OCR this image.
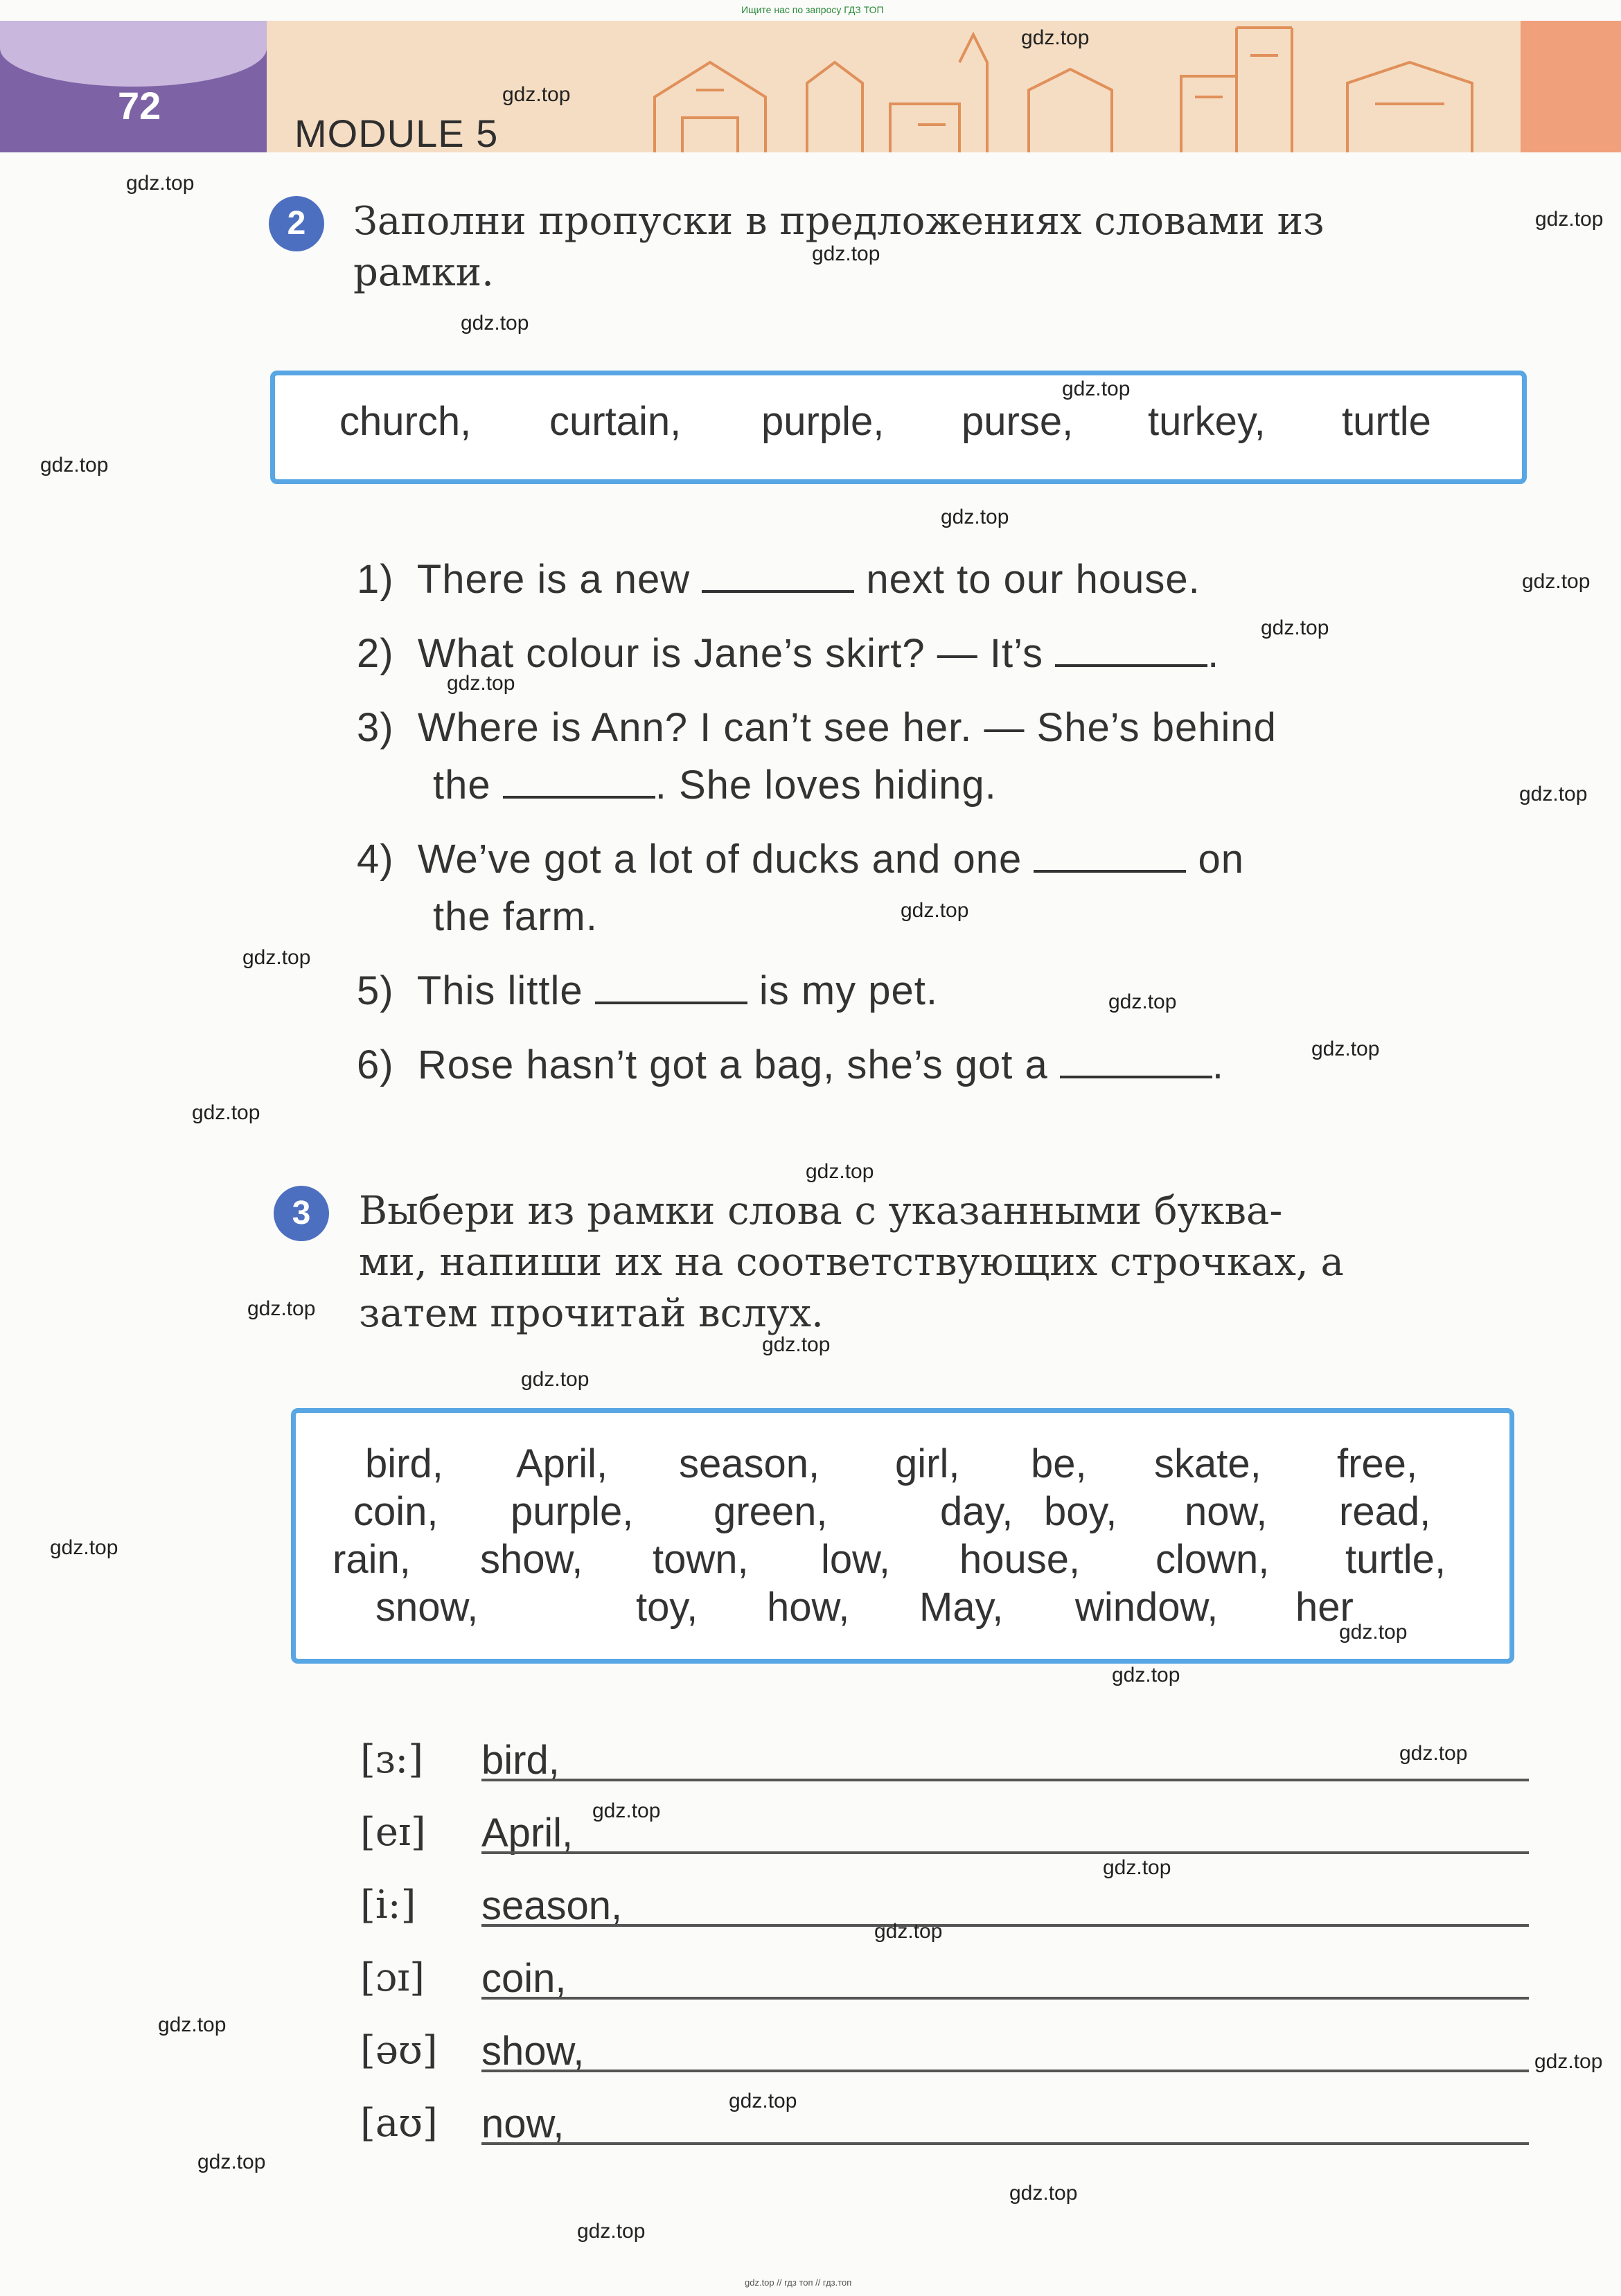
72
MODULE 5
Ищите нас по запросу ГДЗ ТОП
gdz.top // гдз топ // гдз.топ
2	Заполни пропуски в предложениях словами из
рамки.
church, curtain, purple, purse, turkey, turtle
1) There is a new	next to our house.
2) What colour is Jane’s skirt? — It’s	.
3) Where is Ann? I can’t see her. — She’s behind
the	. She loves hiding.
4) We’ve got a lot of ducks and one	on
the farm.
5) This little	is my pet.
6) Rose hasn’t got a bag, she’s got a	.
3	Выбери из рамки слова с указанными буква-
ми, напиши их на соответствующих строчках, а
затем прочитай вслух.
bird, April, season, girl, be, skate, free,
coin, purple, green,	day, boy, now, read,
rain, show, town, low, house, clown, turtle,
snow,	toy, how, May, window, her
[ɜ:] bird,
[eɪ] April,
[i:] season,
[ɔɪ] coin,
[əʊ] show,
[aʊ] now,
gdz.top
gdz.top
gdz.top
gdz.top
gdz.top
gdz.top
gdz.top
gdz.top
gdz.top
gdz.top
gdz.top
gdz.top
gdz.top
gdz.top
gdz.top
gdz.top
gdz.top
gdz.top
gdz.top
gdz.top
gdz.top
gdz.top
gdz.top
gdz.top
gdz.top
gdz.top
gdz.top
gdz.top
gdz.top
gdz.top
gdz.top
gdz.top
gdz.top
gdz.top
gdz.top
